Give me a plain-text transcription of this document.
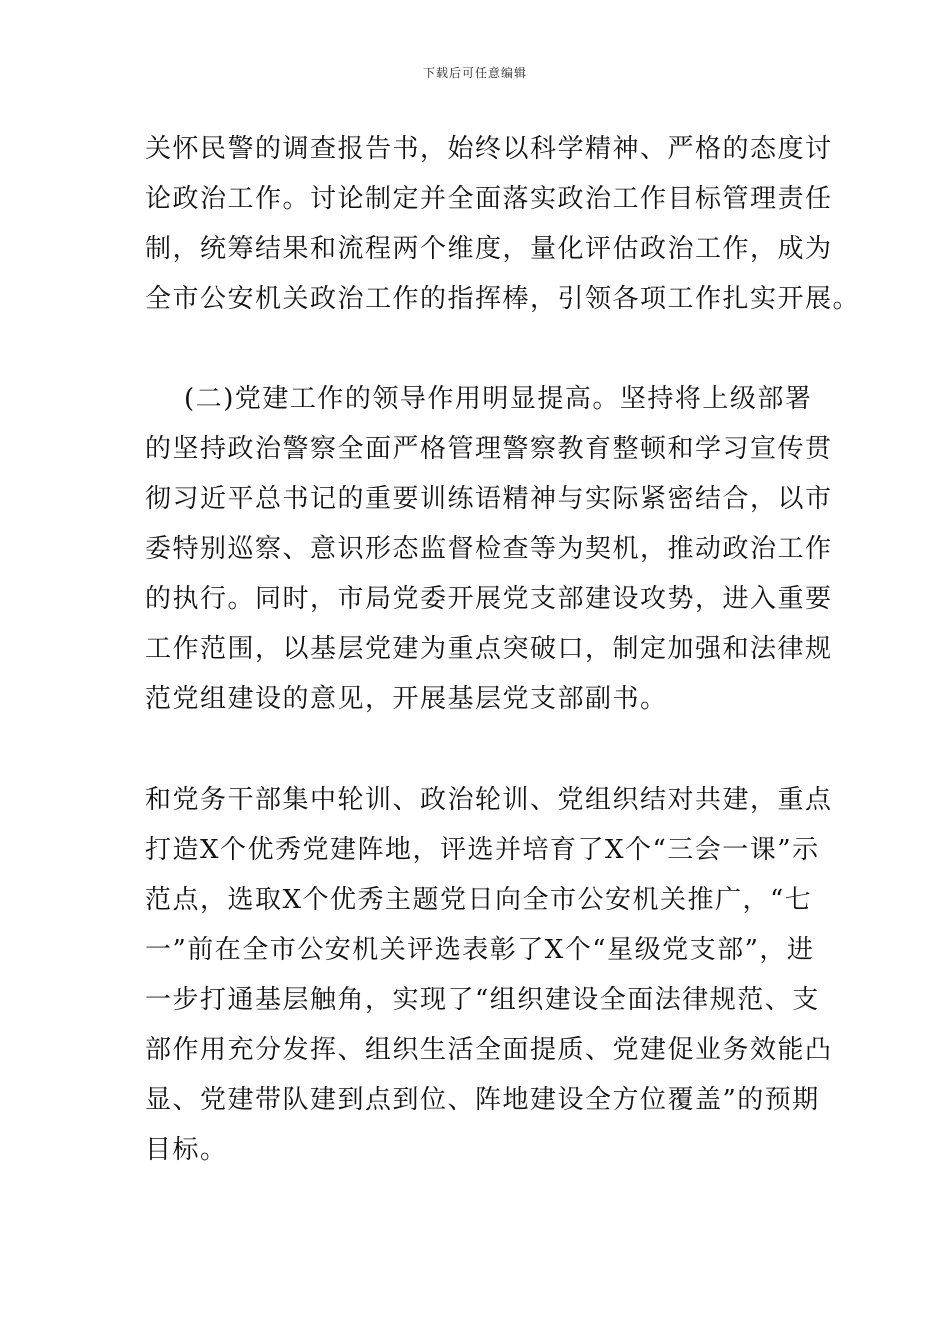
下载后可任意编辑
关怀民警的调查报告书，始终以科学精神、严格的态度讨
论政治工作。讨论制定并全面落实政治工作目标管理责任
制，统筹结果和流程两个维度，量化评估政治工作，成为
全市公安机关政治工作的指挥棒，引领各项工作扎实开展。
(二)党建工作的领导作用明显提高。坚持将上级部署
的坚持政治警察全面严格管理警察教育整顿和学习宣传贯
彻习近平总书记的重要训练语精神与实际紧密结合，以市
委特别巡察、意识形态监督检查等为契机，推动政治工作
的执行。同时，市局党委开展党支部建设攻势，进入重要
工作范围，以基层党建为重点突破口，制定加强和法律规
范党组建设的意见，开展基层党支部副书。
和党务干部集中轮训、政治轮训、党组织结对共建，重点
打造X个优秀党建阵地，评选并培育了X个“三会一课”示
范点，选取X个优秀主题党日向全市公安机关推广，“七
一”前在全市公安机关评选表彰了X个“星级党支部”，进
一步打通基层触角，实现了“组织建设全面法律规范、支
部作用充分发挥、组织生活全面提质、党建促业务效能凸
显、党建带队建到点到位、阵地建设全方位覆盖”的预期
目标。
